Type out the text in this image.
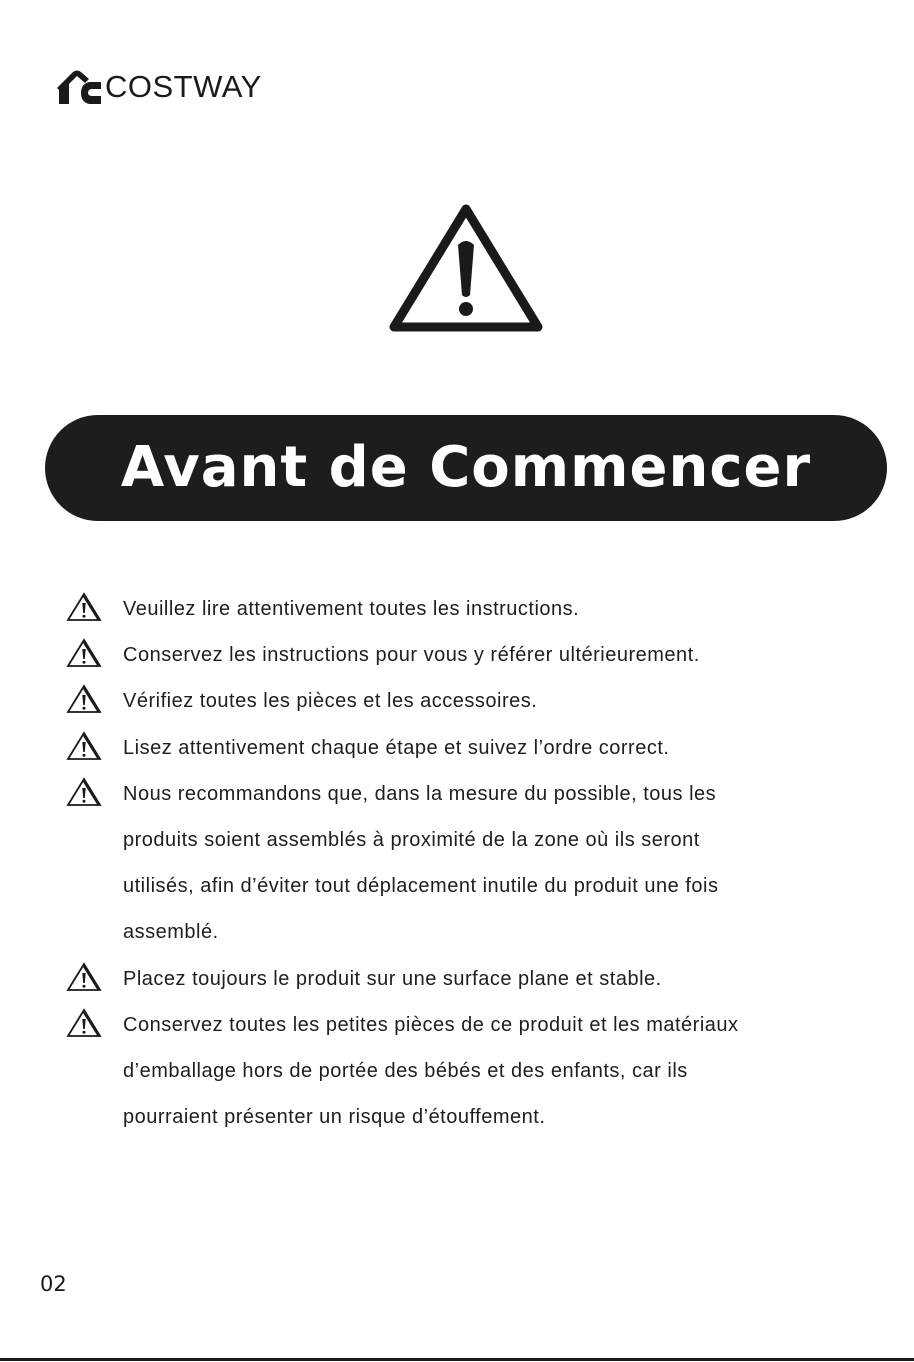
COSTWAY
Avant de Commencer
Veuillez lire attentivement toutes les instructions.
Conservez les instructions pour vous y référer ultérieurement.
Vérifiez toutes les pièces et les accessoires.
Lisez attentivement chaque étape et suivez l’ordre correct.
Nous recommandons que, dans la mesure du possible, tous les
produits soient assemblés à proximité de la zone où ils seront
utilisés, afin d’éviter tout déplacement inutile du produit une fois
assemblé.
Placez toujours le produit sur une surface plane et stable.
Conservez toutes les petites pièces de ce produit et les matériaux
d’emballage hors de portée des bébés et des enfants, car ils
pourraient présenter un risque d’étouffement.
02
